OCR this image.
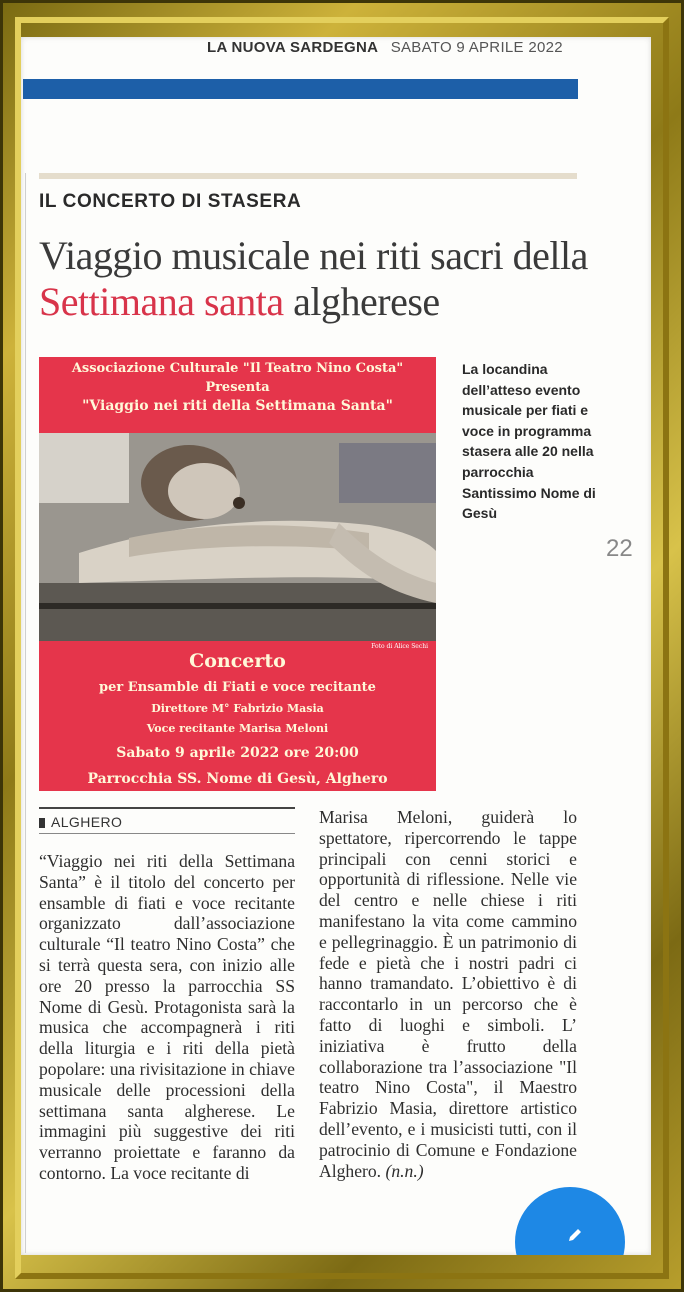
LA NUOVA SARDEGNA SABATO 9 APRILE 2022
IL CONCERTO DI STASERA
Viaggio musicale nei riti sacri della Settimana santa algherese
Associazione Culturale "Il Teatro Nino Costa"
Presenta
"Viaggio nei riti della Settimana Santa"
Foto di Alice Sechi
Concerto
per Ensamble di Fiati e voce recitante
Direttore M° Fabrizio Masia
Voce recitante Marisa Meloni
Sabato 9 aprile 2022 ore 20:00
Parrocchia SS. Nome di Gesù, Alghero
La locandina dell’atteso evento musicale per fiati e voce in programma stasera alle 20 nella parrocchia Santissimo Nome di Gesù
22
ALGHERO
“Viaggio nei riti della Settimana Santa” è il titolo del concerto per ensamble di fiati e voce recitante organizzato dall’associazione culturale “Il teatro Nino Costa” che si terrà questa sera, con inizio alle ore 20 presso la parrocchia SS Nome di Gesù. Protagonista sarà la musica che accompagnerà i riti della liturgia e i riti della pietà popolare: una rivisitazione in chiave musicale delle processioni della settimana santa algherese. Le immagini più suggestive dei riti verranno proiettate e faranno da contorno. La voce recitante di
Marisa Meloni, guiderà lo spettatore, ripercorrendo le tappe principali con cenni storici e opportunità di riflessione. Nelle vie del centro e nelle chiese i riti manifestano la vita come cammino e pellegrinaggio. È un patrimonio di fede e pietà che i nostri padri ci hanno tramandato. L’obiettivo è di raccontarlo in un percorso che è fatto di luoghi e simboli. L’ iniziativa è frutto della collaborazione tra l’associazione "Il teatro Nino Costa", il Maestro Fabrizio Masia, direttore artistico dell’evento, e i musicisti tutti, con il patrocinio di Comune e Fondazione Alghero. (n.n.)
